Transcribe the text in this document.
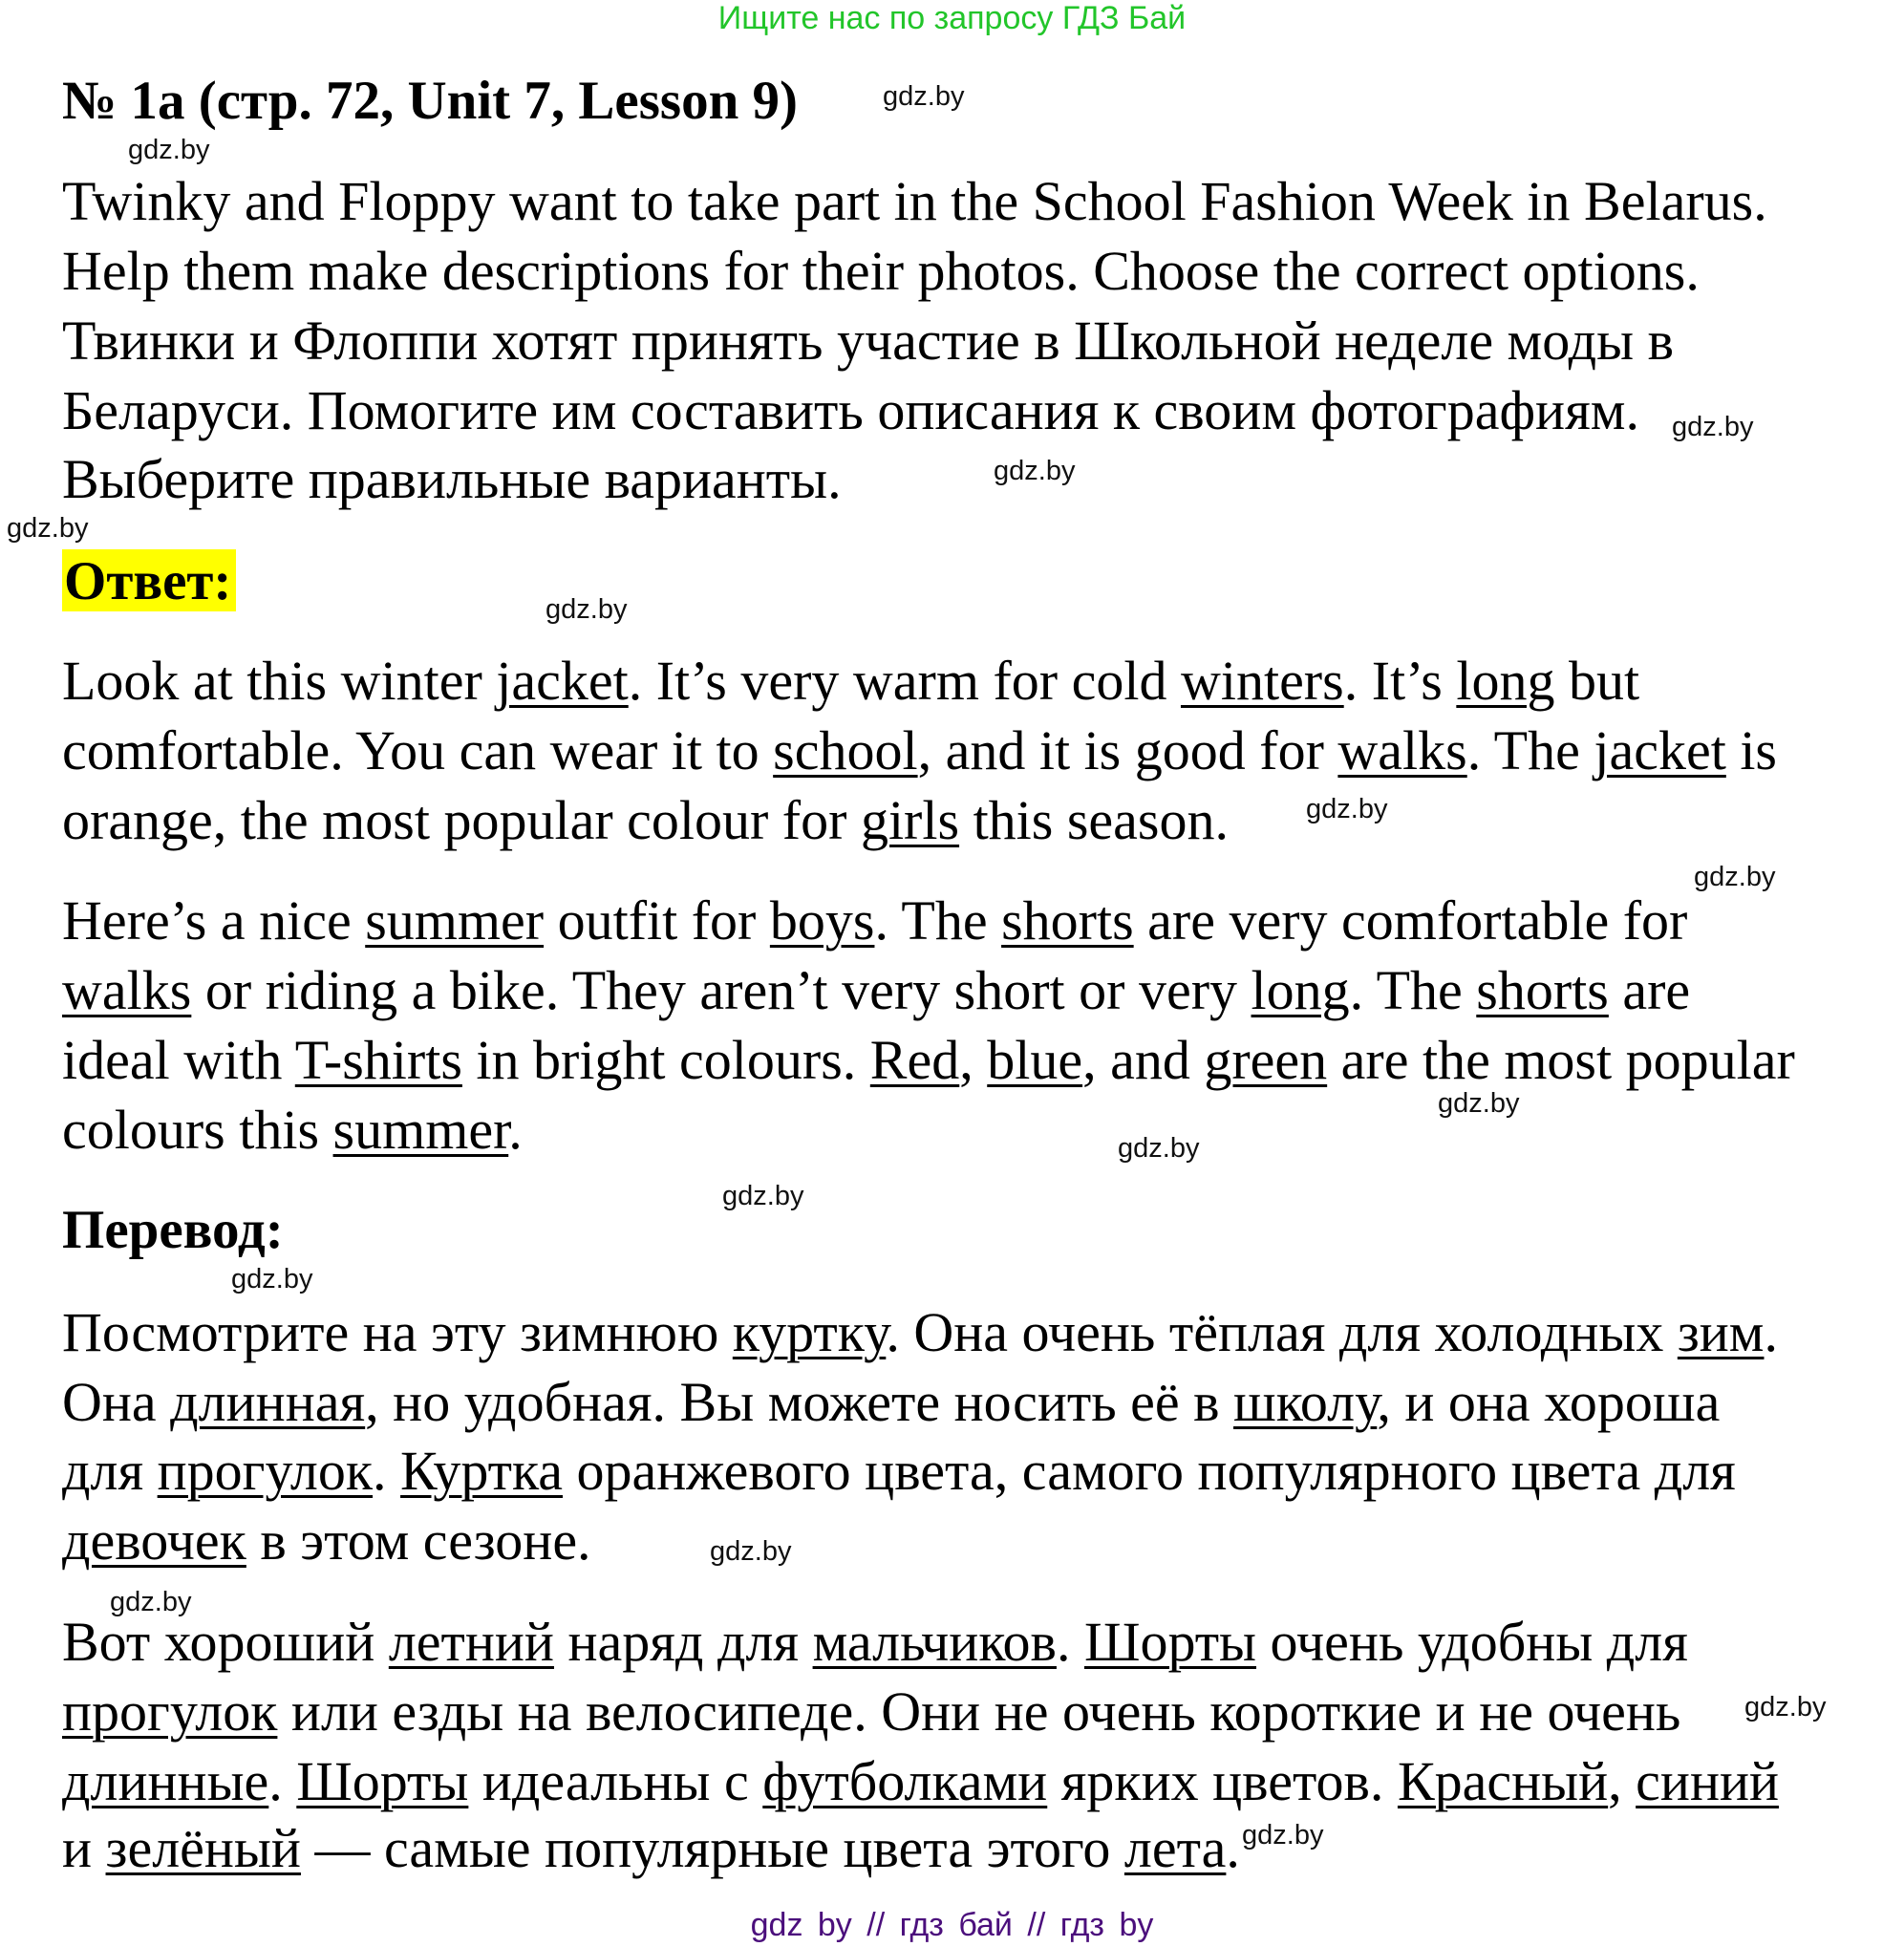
Ищите нас по запросу ГДЗ Бай
№ 1a (стр. 72, Unit 7, Lesson 9)
Twinky and Floppy want to take part in the School Fashion Week in Belarus.
Help them make descriptions for their photos. Choose the correct options.
Твинки и Флоппи хотят принять участие в Школьной неделе моды в
Беларуси. Помогите им составить описания к своим фотографиям.
Выберите правильные варианты.
Ответ:
Look at this winter jacket. It’s very warm for cold winters. It’s long but
comfortable. You can wear it to school, and it is good for walks. The jacket is
orange, the most popular colour for girls this season.
Here’s a nice summer outfit for boys. The shorts are very comfortable for
walks or riding a bike. They aren’t very short or very long. The shorts are
ideal with T-shirts in bright colours. Red, blue, and green are the most popular
colours this summer.
Перевод:
Посмотрите на эту зимнюю куртку. Она очень тёплая для холодных зим.
Она длинная, но удобная. Вы можете носить её в школу, и она хороша
для прогулок. Куртка оранжевого цвета, самого популярного цвета для
девочек в этом сезоне.
Вот хороший летний наряд для мальчиков. Шорты очень удобны для
прогулок или езды на велосипеде. Они не очень короткие и не очень
длинные. Шорты идеальны с футболками ярких цветов. Красный, синий
и зелёный — самые популярные цвета этого лета.
gdz.by
gdz.by
gdz.by
gdz.by
gdz.by
gdz.by
gdz.by
gdz.by
gdz.by
gdz.by
gdz.by
gdz.by
gdz.by
gdz.by
gdz.by
gdz.by
gdz by // гдз бай // гдз by
